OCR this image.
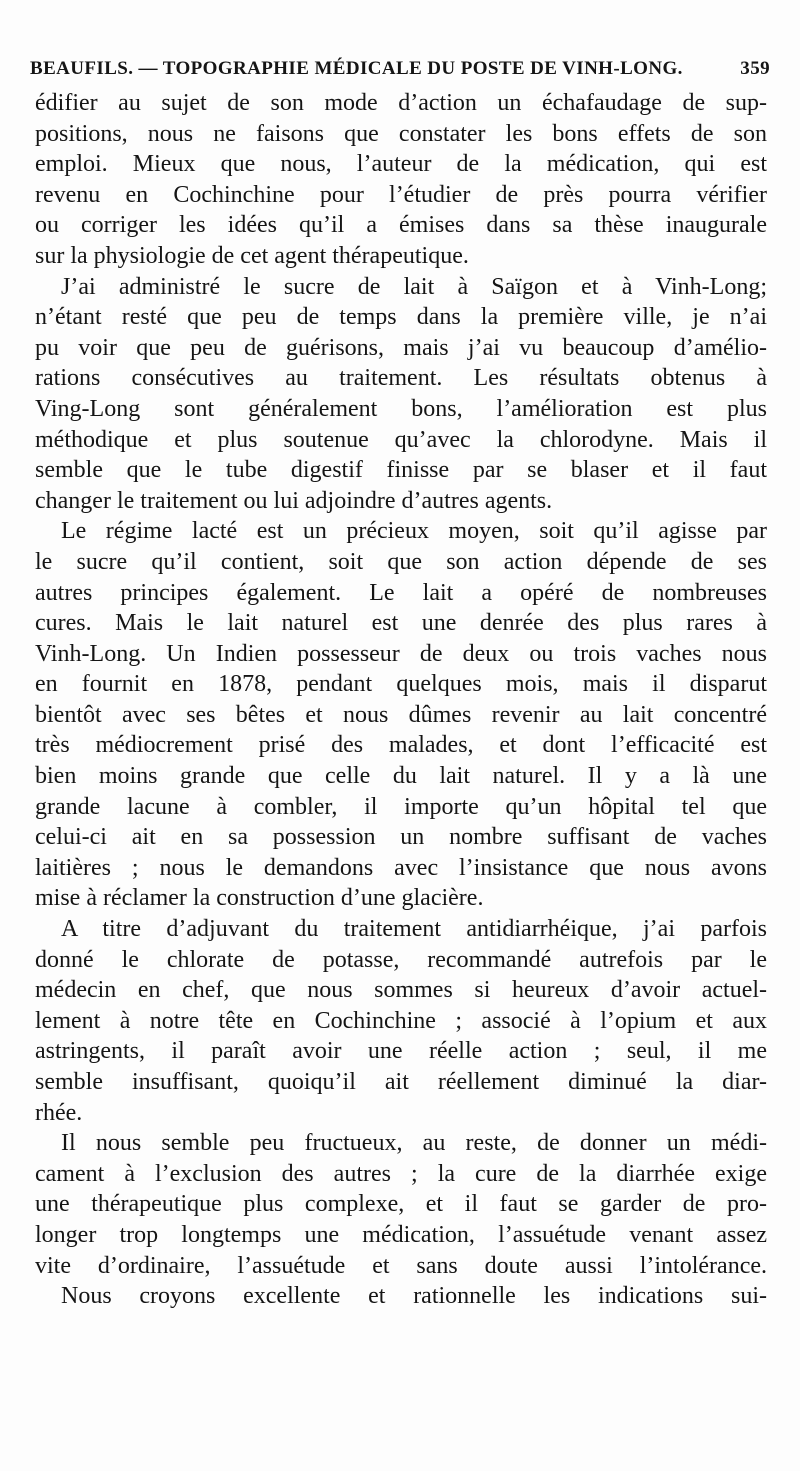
BEAUFILS. — TOPOGRAPHIE MÉDICALE DU POSTE DE VINH-LONG.	359
édifier au sujet de son mode d’action un échafaudage de sup-
positions, nous ne faisons que constater les bons effets de son
emploi. Mieux que nous, l’auteur de la médication, qui est
revenu en Cochinchine pour l’étudier de près pourra vérifier
ou corriger les idées qu’il a émises dans sa thèse inaugurale
sur la physiologie de cet agent thérapeutique.
J’ai administré le sucre de lait à Saïgon et à Vinh-Long;
n’étant resté que peu de temps dans la première ville, je n’ai
pu voir que peu de guérisons, mais j’ai vu beaucoup d’amélio-
rations consécutives au traitement. Les résultats obtenus à
Ving-Long sont généralement bons, l’amélioration est plus
méthodique et plus soutenue qu’avec la chlorodyne. Mais il
semble que le tube digestif finisse par se blaser et il faut
changer le traitement ou lui adjoindre d’autres agents.
Le régime lacté est un précieux moyen, soit qu’il agisse par
le sucre qu’il contient, soit que son action dépende de ses
autres principes également. Le lait a opéré de nombreuses
cures. Mais le lait naturel est une denrée des plus rares à
Vinh-Long. Un Indien possesseur de deux ou trois vaches nous
en fournit en 1878, pendant quelques mois, mais il disparut
bientôt avec ses bêtes et nous dûmes revenir au lait concentré
très médiocrement prisé des malades, et dont l’efficacité est
bien moins grande que celle du lait naturel. Il y a là une
grande lacune à combler, il importe qu’un hôpital tel que
celui-ci ait en sa possession un nombre suffisant de vaches
laitières ; nous le demandons avec l’insistance que nous avons
mise à réclamer la construction d’une glacière.
A titre d’adjuvant du traitement antidiarrhéique, j’ai parfois
donné le chlorate de potasse, recommandé autrefois par le
médecin en chef, que nous sommes si heureux d’avoir actuel-
lement à notre tête en Cochinchine ; associé à l’opium et aux
astringents, il paraît avoir une réelle action ; seul, il me
semble insuffisant, quoiqu’il ait réellement diminué la diar-
rhée.
Il nous semble peu fructueux, au reste, de donner un médi-
cament à l’exclusion des autres ; la cure de la diarrhée exige
une thérapeutique plus complexe, et il faut se garder de pro-
longer trop longtemps une médication, l’assuétude venant assez
vite d’ordinaire, l’assuétude et sans doute aussi l’intolérance.
Nous croyons excellente et rationnelle les indications sui-
